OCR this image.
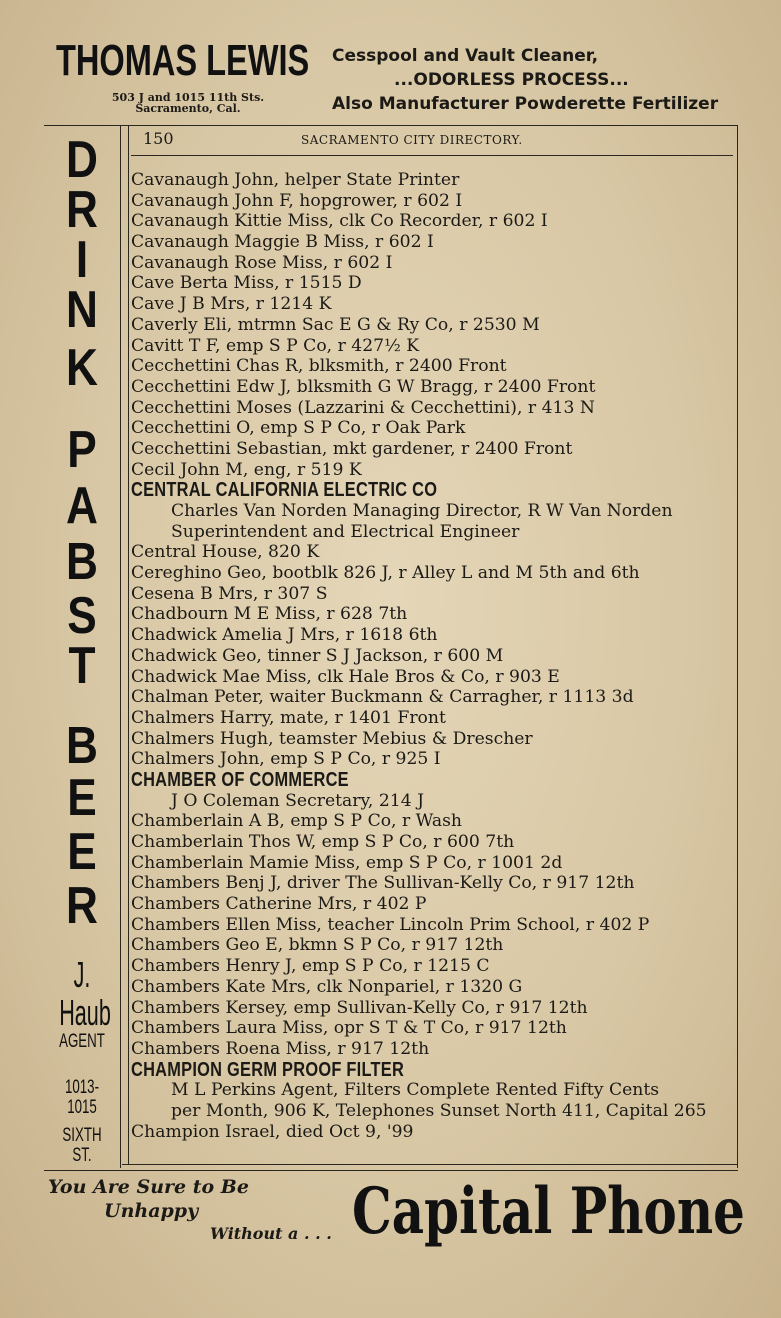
THOMAS LEWIS
503 J and 1015 11th Sts.
Sacramento, Cal.
Cesspool and Vault Cleaner,
...ODORLESS PROCESS...
Also Manufacturer Powderette Fertilizer
D
R
I
N
K
P
A
B
S
T
B
E
E
R
J. Haub
AGENT
1013-1015
SIXTH ST.
150	SACRAMENTO CITY DIRECTORY.
Cavanaugh John, helper State Printer
Cavanaugh John F, hopgrower, r 602 I
Cavanaugh Kittie Miss, clk Co Recorder, r 602 I
Cavanaugh Maggie B Miss, r 602 I
Cavanaugh Rose Miss, r 602 I
Cave Berta Miss, r 1515 D
Cave J B Mrs, r 1214 K
Caverly Eli, mtrmn Sac E G & Ry Co, r 2530 M
Cavitt T F, emp S P Co, r 427½ K
Cecchettini Chas R, blksmith, r 2400 Front
Cecchettini Edw J, blksmith G W Bragg, r 2400 Front
Cecchettini Moses (Lazzarini & Cecchettini), r 413 N
Cecchettini O, emp S P Co, r Oak Park
Cecchettini Sebastian, mkt gardener, r 2400 Front
Cecil John M, eng, r 519 K
CENTRAL CALIFORNIA ELECTRIC CO
Charles Van Norden Managing Director, R W Van Norden
Superintendent and Electrical Engineer
Central House, 820 K
Cereghino Geo, bootblk 826 J, r Alley L and M 5th and 6th
Cesena B Mrs, r 307 S
Chadbourn M E Miss, r 628 7th
Chadwick Amelia J Mrs, r 1618 6th
Chadwick Geo, tinner S J Jackson, r 600 M
Chadwick Mae Miss, clk Hale Bros & Co, r 903 E
Chalman Peter, waiter Buckmann & Carragher, r 1113 3d
Chalmers Harry, mate, r 1401 Front
Chalmers Hugh, teamster Mebius & Drescher
Chalmers John, emp S P Co, r 925 I
CHAMBER OF COMMERCE
J O Coleman Secretary, 214 J
Chamberlain A B, emp S P Co, r Wash
Chamberlain Thos W, emp S P Co, r 600 7th
Chamberlain Mamie Miss, emp S P Co, r 1001 2d
Chambers Benj J, driver The Sullivan-Kelly Co, r 917 12th
Chambers Catherine Mrs, r 402 P
Chambers Ellen Miss, teacher Lincoln Prim School, r 402 P
Chambers Geo E, bkmn S P Co, r 917 12th
Chambers Henry J, emp S P Co, r 1215 C
Chambers Kate Mrs, clk Nonpariel, r 1320 G
Chambers Kersey, emp Sullivan-Kelly Co, r 917 12th
Chambers Laura Miss, opr S T & T Co, r 917 12th
Chambers Roena Miss, r 917 12th
CHAMPION GERM PROOF FILTER
M L Perkins Agent, Filters Complete Rented Fifty Cents
per Month, 906 K, Telephones Sunset North 411, Capital 265
Champion Israel, died Oct 9, '99
You Are Sure to Be
Unhappy
Without a . . . Capital Phone
